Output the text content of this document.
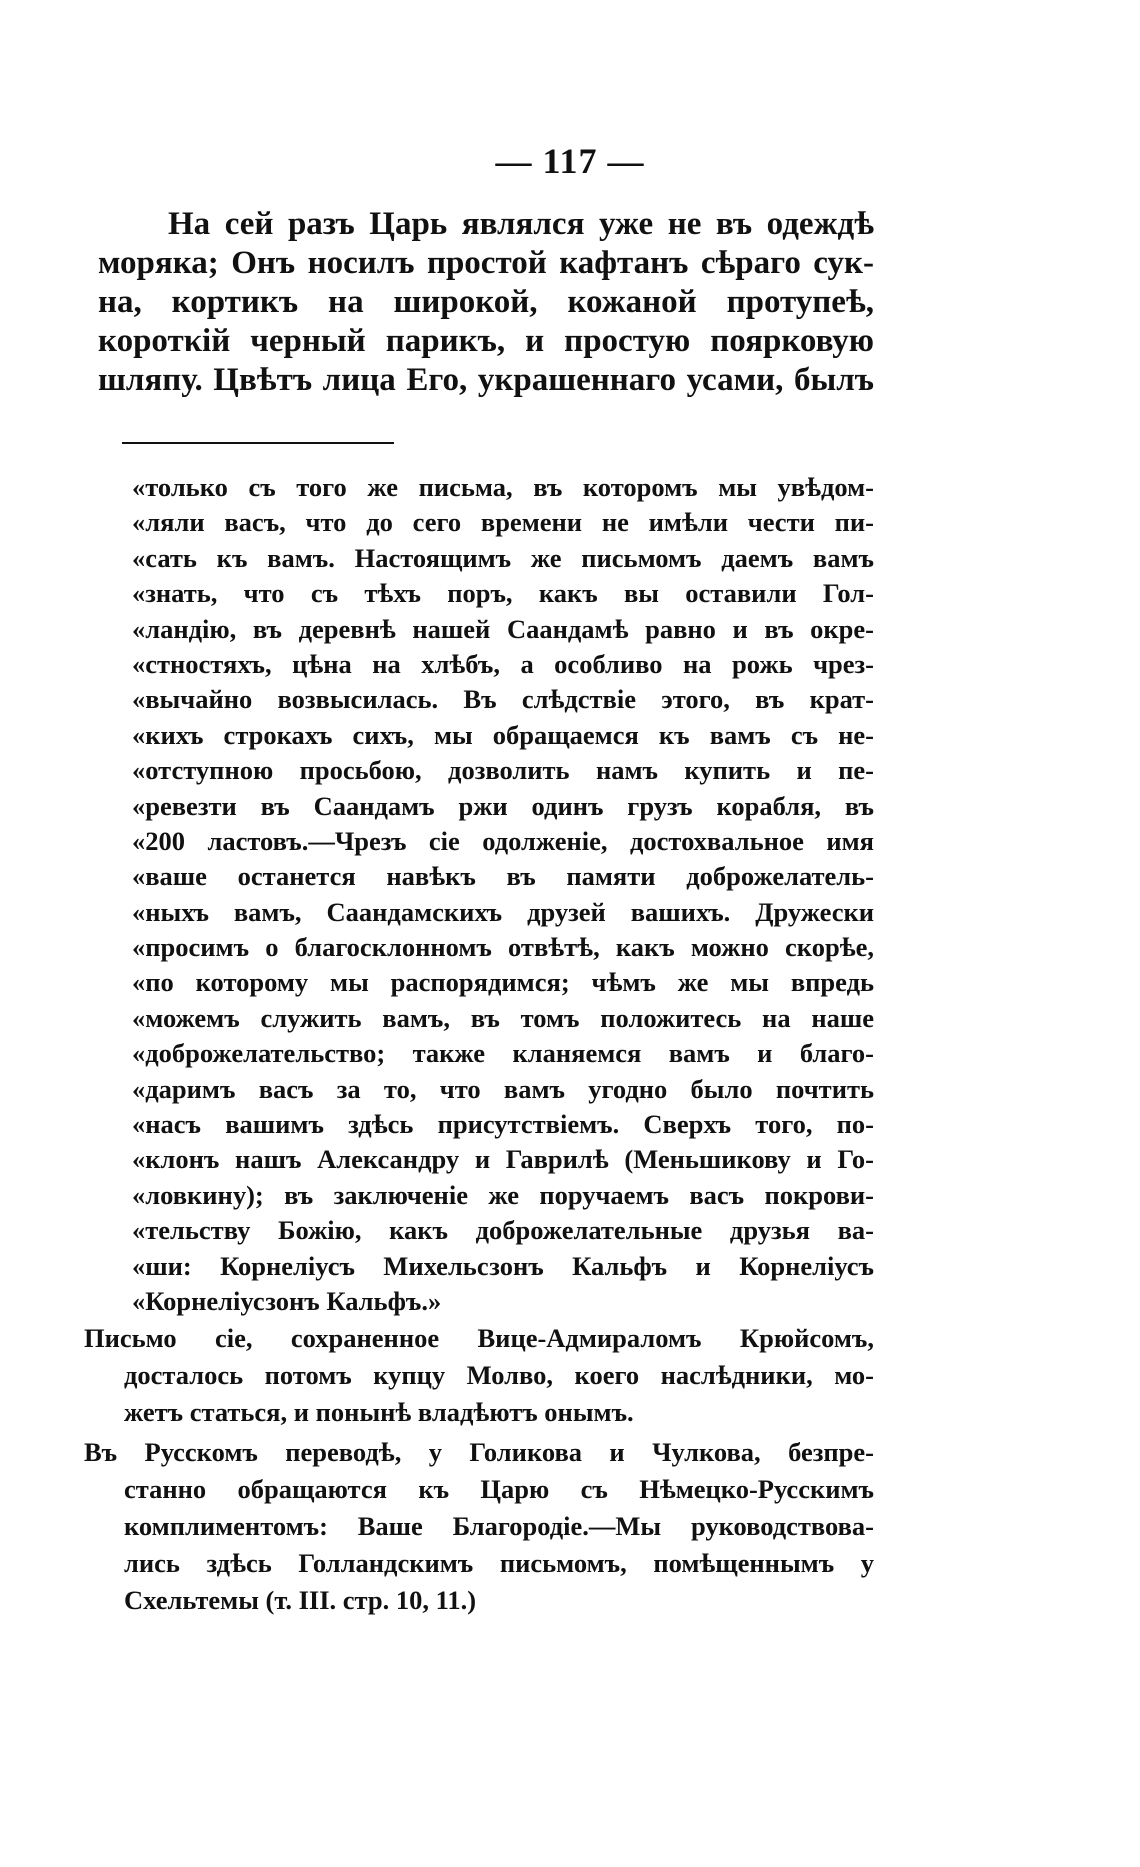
— 117 —
На сей разъ Царь являлся уже не въ одеждѣ
моряка; Онъ носилъ простой кафтанъ сѣраго сук-
на, кортикъ на широкой, кожаной протупеѣ,
коротκій черный парикъ, и простую поярковую
шляпу. Цвѣтъ лица Его, украшеннаго усами, былъ
«только съ того же письма, въ которомъ мы увѣдом-
«ляли васъ, что до сего времени не имѣли чести пи-
«сать къ вамъ. Настоящимъ же письмомъ даемъ вамъ
«знать, что съ тѣхъ поръ, какъ вы оставили Гол-
«ландію, въ деревнѣ нашей Саандамѣ равно и въ окре-
«стностяхъ, цѣна на хлѣбъ, а особливо на рожь чрез-
«вычайно возвысилась. Въ слѣдствіе этого, въ крат-
«кихъ строкахъ сихъ, мы обращаемся къ вамъ съ не-
«отступною просьбою, дозволить намъ купить и пе-
«ревезти въ Саандамъ ржи одинъ грузъ корабля, въ
«200 ластовъ.—Чрезъ сіе одолженіе, достохвальное имя
«ваше останется навѣкъ въ памяти доброжелатель-
«ныхъ вамъ, Саандамскихъ друзей вашихъ. Дружески
«просимъ о благосклонномъ отвѣтѣ, какъ можно скорѣе,
«по которому мы распорядимся; чѣмъ же мы впредь
«можемъ служить вамъ, въ томъ положитесь на наше
«доброжелательство; также кланяемся вамъ и благо-
«даримъ васъ за то, что вамъ угодно было почтить
«насъ вашимъ здѣсь присутствіемъ. Сверхъ того, по-
«клонъ нашъ Александру и Гаврилѣ (Меньшикову и Го-
«ловкину); въ заключеніе же поручаемъ васъ покрови-
«тельству Божію, какъ доброжелательные друзья ва-
«ши: Корнеліусъ Михельсзонъ Кальфъ и Корнеліусъ
«Корнеліусзонъ Кальфъ.»

Письмо сіе, сохраненное Вице-Адмираломъ Крюйсомъ,
досталось потомъ купцу Молво, коего наслѣдники, мо-
жетъ статься, и понынѣ владѣютъ онымъ.

Въ Русскомъ переводѣ, у Голикова и Чулкова, безпре-
станно обращаются къ Царю съ Нѣмецко-Русскимъ
комплиментомъ: Ваше Благородіе.—Мы руководствова-
лись здѣсь Голландскимъ письмомъ, помѣщеннымъ у
Схельтемы (т. III. стр. 10, 11.)
